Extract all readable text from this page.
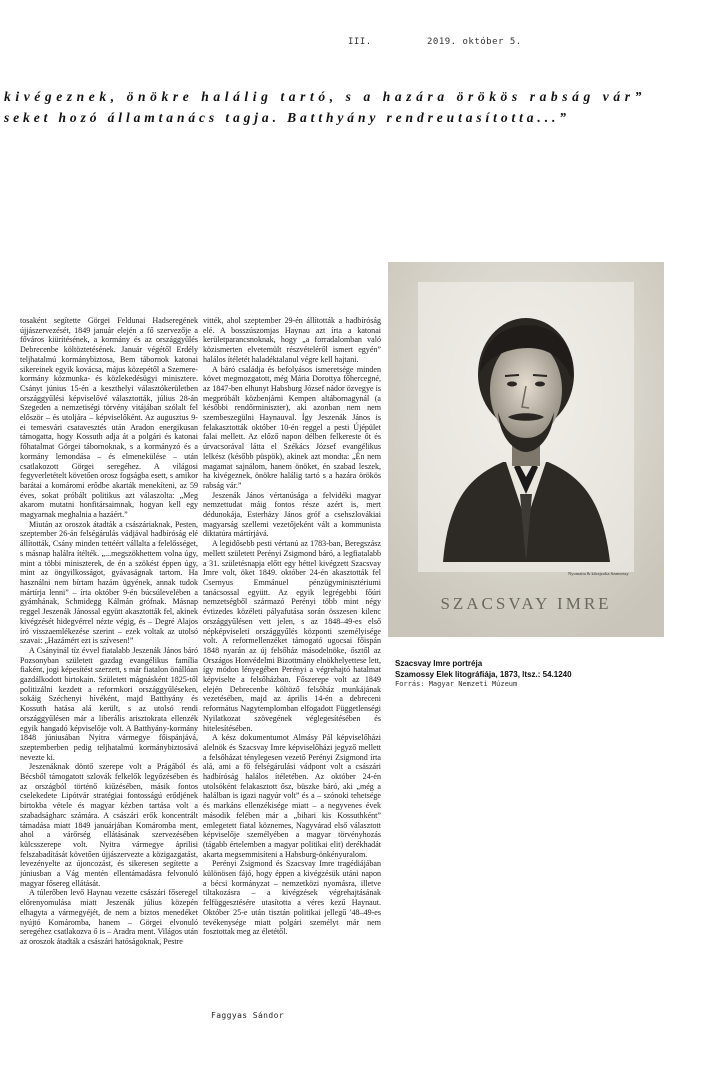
III.	2019. október 5.
kivégeznek, önökre halálig tartó, s a hazára örökös rabság vár”
seket hozó államtanács tagja. Batthyány rendreutasította...”

tosaként segítette Görgei Feldunai Hadseregének újjászervezését, 1849 január elején a fő szervezője a főváros kiürítésének, a kormány és az országgyűlés Debrecenbe költöztetésének. Január végétől Erdély teljhatalmú kormánybiztosa, Bem tábornok katonai sikereinek egyik kovácsa, május közepétől a Szemere-kormány közmunka- és közlekedésügyi minisztere. Csányt június 15-én a keszthelyi választókerületben országgyűlési képviselővé választották, július 28-án Szegeden a nemzetiségi törvény vitájában szólalt fel először – és utoljára – képviselőként. Az augusztus 9-ei temesvári csatavesztés után Aradon energikusan támogatta, hogy Kossuth adja át a polgári és katonai főhatalmat Görgei tábornoknak, s a kormányzó és a kormány lemondása – és elmenekülése – után csatlakozott Görgei seregéhez. A világosi fegyverletételt követően orosz fogságba esett, s amikor barátai a komáromi erődbe akarták menekíteni, az 59 éves, sokat próbált politikus azt válaszolta: „Meg akarom mutatni honfitársaimnak, hogyan kell egy magyarnak meghalnia a hazáért.”

Miután az oroszok átadták a császáriaknak, Pesten, szeptember 26-án felségárulás vádjával hadbíróság elé állították, Csány minden tettéért vállalta a felelősséget, s másnap halálra ítélték. „...megszökhettem volna úgy, mint a többi miniszterek, de én a szökést éppen úgy, mint az öngyilkosságot, gyávaságnak tartom. Ha használni nem bírtam hazám ügyének, annak tudok mártírja lenni” – írta október 9-én búcsúlevelében a gyámhának, Schmidegg Kálmán grófnak. Másnap reggel Jeszenák Jánossal együtt akasztották fel, akinek kivégzését hidegvérrel nézte végig, és – Degré Alajos író visszaemlékezése szerint – ezek voltak az utolsó szavai: „Hazámért ezt is szívesen!”

A Csányinál tíz évvel fiatalabb Jeszenák János báró Pozsonyban született gazdag evangélikus família fiaként, jogi képesítést szerzett, s már fiatalon önállóan gazdálkodott birtokain. Született mágnásként 1825-től politizálni kezdett a reformkori országgyűléseken, sokáig Széchenyi hívéként, majd Batthyány és Kossuth hatása alá került, s az utolsó rendi országgyűlésen már a liberális arisztokrata ellenzék egyik hangadó képviselője volt. A Batthyány-kormány 1848 júniusában Nyitra vármegye főispánjává, szeptemberben pedig teljhatalmú kormánybiztosává nevezte ki.

Jeszenáknak döntő szerepe volt a Prágából és Bécsből támogatott szlovák felkelők legyőzésében és az országból történő kiűzésében, másik fontos cselekedete Lipótvár stratégiai fontosságú erődjének birtokba vétele és magyar kézben tartása volt a szabadságharc számára. A császári erők koncentrált támadása miatt 1849 januárjában Komáromba ment, ahol a várőrség ellátásának szervezésében külcsszerepe volt. Nyitra vármegye áprilisi felszabadítását követően újjászervezte a közigazgatást, levezényelte az újoncozást, és sikeresen segítette a júniusban a Vág mentén ellentámadásra felvonuló magyar fősereg ellátását.

A túlerőben levő Haynau vezette császári főseregel előrenyomulása miatt Jeszenák július közepén elhagyta a vármegyéjét, de nem a biztos menedéket nyújtó Komáromba, hanem – Görgei elvonuló seregéhez csatlakozva ő is – Aradra ment. Világos után az oroszok átadták a császári hatóságoknak, Pestre

vitték, ahol szeptember 29-én állították a hadbíróság elé. A bosszúszomjas Haynau azt írta a katonai kerületparancsnoknak, hogy „a forradalomban való közismerten elvetemült részvételéről ismert egyén” halálos ítéletét haladéktalanul végre kell hajtani.

A báró családja és befolyásos ismeretsége minden követ megmozgatott, még Mária Dorottya főhercegné, az 1847-ben elhunyt Habsburg József nádor özvegye is megpróbált közbenjárni Kempen altábornagynál (a későbbi rendőrminiszter), aki azonban nem nem szembeszegülni Haynauval. Így Jeszenák János is felakasztották október 10-én reggel a pesti Újépület falai mellett. Az előző napon délben felkereste őt és úrvacsorával látta el Székács József evangélikus lelkész (később püspök), akinek azt mondta: „Én nem magamat sajnálom, hanem önöket, én szabad leszek, ha kivégeznek, önökre halálig tartó s a hazára örökös rabság vár.”

Jeszenák János vértanúsága a felvidéki magyar nemzettudat máig fontos része azért is, mert dédunokája, Esterházy János gróf a csehszlovákiai magyarság szellemi vezetőjeként vált a kommunista diktatúra mártírjává.

A legidősebb pesti vértanú az 1783-ban, Beregszász mellett született Perényi Zsigmond báró, a legfiatalabb a 31. születésnapja előtt egy héttel kivégzett Szacsvay Imre volt, öket 1849. október 24-én akasztották fel Csernyus Emmánuel pénzügyminisztériumi tanácsossal együtt. Az egyik legrégebbi főúri nemzetségből származó Perényi több mint négy évtizedes közéleti pályafutása során összesen kilenc országgyűlésen vett jelen, s az 1848–49-es első népképviseleti országgyűlés központi személyisége volt. A reformellenzéket támogató ugocsai főispán 1848 nyarán az új felsőház másodelnöke, ősztől az Országos Honvédelmi Bizottmány elnökhelyettese lett, így módon lényegében Perényi a végrehajtó hatalmat képviselte a felsőházban. Főszerepe volt az 1849 elején Debrecenbe költöző felsőház munkájának vezetésében, majd az április 14-én a debreceni református Nagytemplomban elfogadott Függetlenségi Nyilatkozat szövegének véglegesítésében és hitelesítésében.

A kész dokumentumot Almásy Pál képviselőházi alelnök és Szacsvay Imre képviselőházi jegyző mellett a felsőházat ténylegesen vezető Perényi Zsigmond írta alá, ami a fő felségárulási vádpont volt a császári hadbíróság halálos ítéletében. Az október 24-én utolsóként felakasztott ősz, büszke báró, aki „még a halálban is igazi nagyúr volt” és a – szónoki tehetsége és markáns ellenzékisége miatt – a negyvenes évek második felében már a „bihari kis Kossuthként” emlegetett fiatal köznemes, Nagyvárad első választott képviselője személyében a magyar törvényhozás (tágabb értelemben a magyar politikai elit) derékhadát akarta megsemmisíteni a Habsburg-önkényuralom.

Perényi Zsigmond és Szacsvay Imre tragédiájában különösen fájó, hogy éppen a kivégzésük utáni napon a bécsi kormányzat – nemzetközi nyomásra, illetve tiltakozásra – a kivégzések végrehajtásának felfüggesztésére utasította a véres kezű Haynaut. Október 25-e után tisztán politikai jellegű '48–49-es tevékenysége miatt polgári személyt már nem fosztottak meg az életétől.

Faggyas Sándor
Nyomatta & kőrajzolta Szamossy
SZACSVAY IMRE
Szacsvay Imre portréja
Szamossy Elek litográfiája, 1873, ltsz.: 54.1240
Forrás: Magyar Nemzeti Múzeum
